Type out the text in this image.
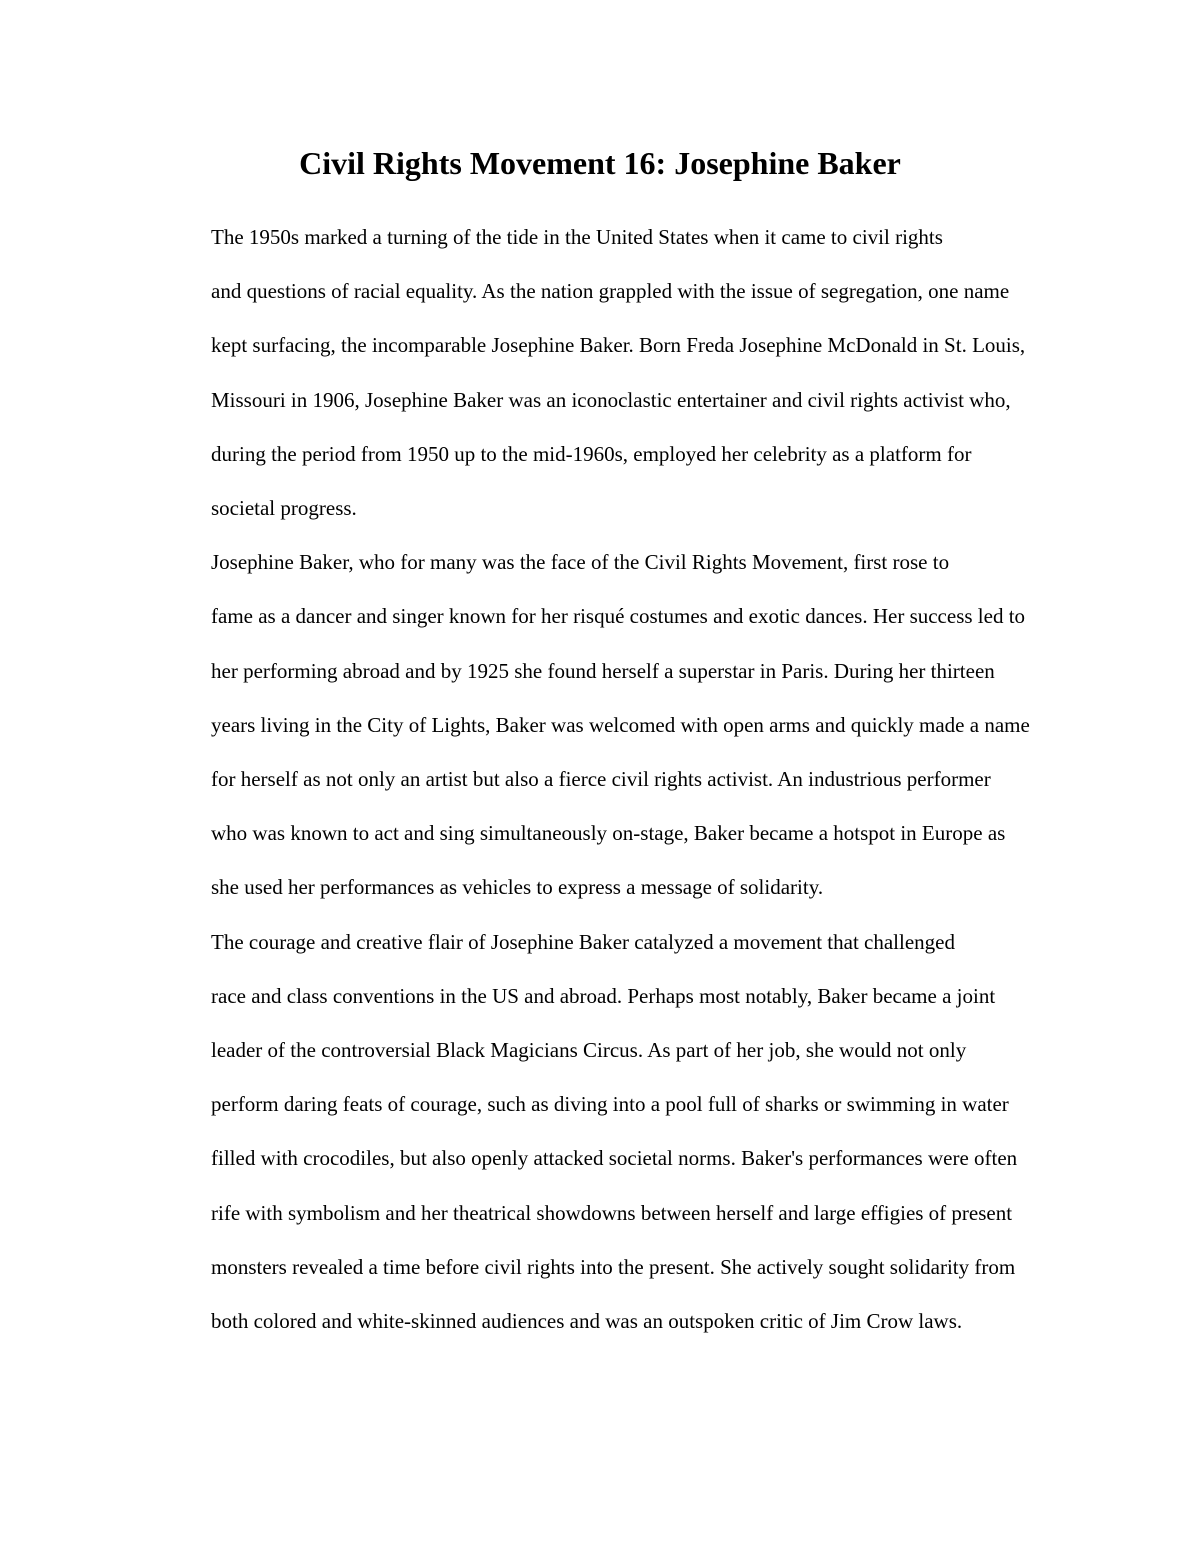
Civil Rights Movement 16: Josephine Baker

The 1950s marked a turning of the tide in the United States when it came to civil rights
and questions of racial equality. As the nation grappled with the issue of segregation, one name
kept surfacing, the incomparable Josephine Baker. Born Freda Josephine McDonald in St. Louis,
Missouri in 1906, Josephine Baker was an iconoclastic entertainer and civil rights activist who,
during the period from 1950 up to the mid-1960s, employed her celebrity as a platform for
societal progress.

Josephine Baker, who for many was the face of the Civil Rights Movement, first rose to
fame as a dancer and singer known for her risqué costumes and exotic dances. Her success led to
her performing abroad and by 1925 she found herself a superstar in Paris. During her thirteen
years living in the City of Lights, Baker was welcomed with open arms and quickly made a name
for herself as not only an artist but also a fierce civil rights activist. An industrious performer
who was known to act and sing simultaneously on-stage, Baker became a hotspot in Europe as
she used her performances as vehicles to express a message of solidarity.

The courage and creative flair of Josephine Baker catalyzed a movement that challenged
race and class conventions in the US and abroad. Perhaps most notably, Baker became a joint
leader of the controversial Black Magicians Circus. As part of her job, she would not only
perform daring feats of courage, such as diving into a pool full of sharks or swimming in water
filled with crocodiles, but also openly attacked societal norms. Baker's performances were often
rife with symbolism and her theatrical showdowns between herself and large effigies of present
monsters revealed a time before civil rights into the present. She actively sought solidarity from
both colored and white-skinned audiences and was an outspoken critic of Jim Crow laws.
